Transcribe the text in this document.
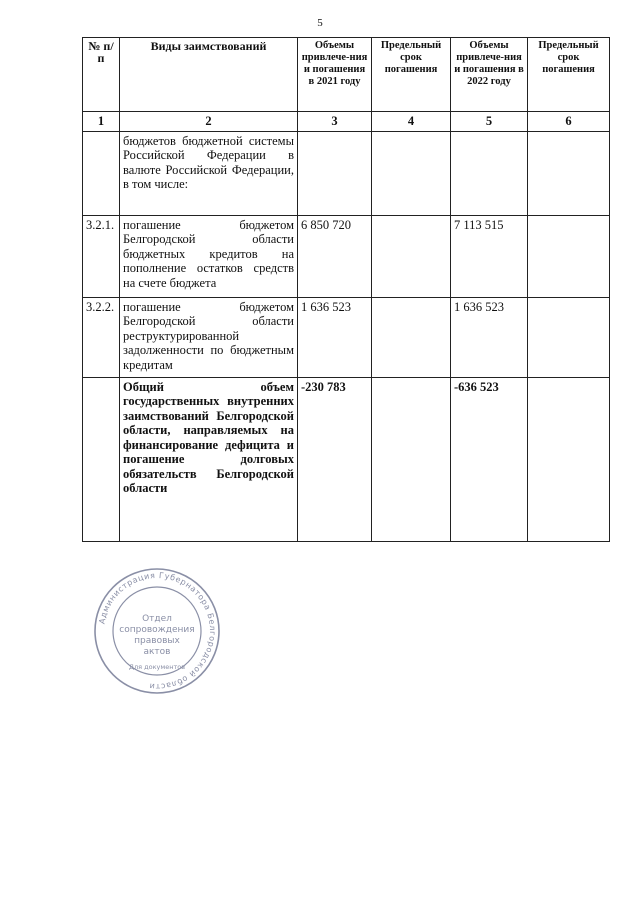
5
№ п/п	Виды заимствований	Объемы привлече-ния и погашения в 2021 году	Предельный срок погашения	Объемы привлече-ния и погашения в 2022 году	Предельный срок погашения
1	2	3	4	5	6
	бюджетов бюджетной системы Российской Федерации в валюте Российской Федерации, в том числе:				
3.2.1.	погашение бюджетом Белгородской области бюджетных кредитов на пополнение остатков средств на счете бюджета	6 850 720		7 113 515	
3.2.2.	погашение бюджетом Белгородской области реструктурированной задолженности по бюджетным кредитам	1 636 523		1 636 523	
	Общий объем государственных внутренних заимствований Белгородской области, направляемых на финансирование дефицита и погашение долговых обязательств Белгородской области	-230 783		-636 523	
Администрация Губернатора Белгородской области
Отдел
сопровождения
правовых
актов
Для документов
